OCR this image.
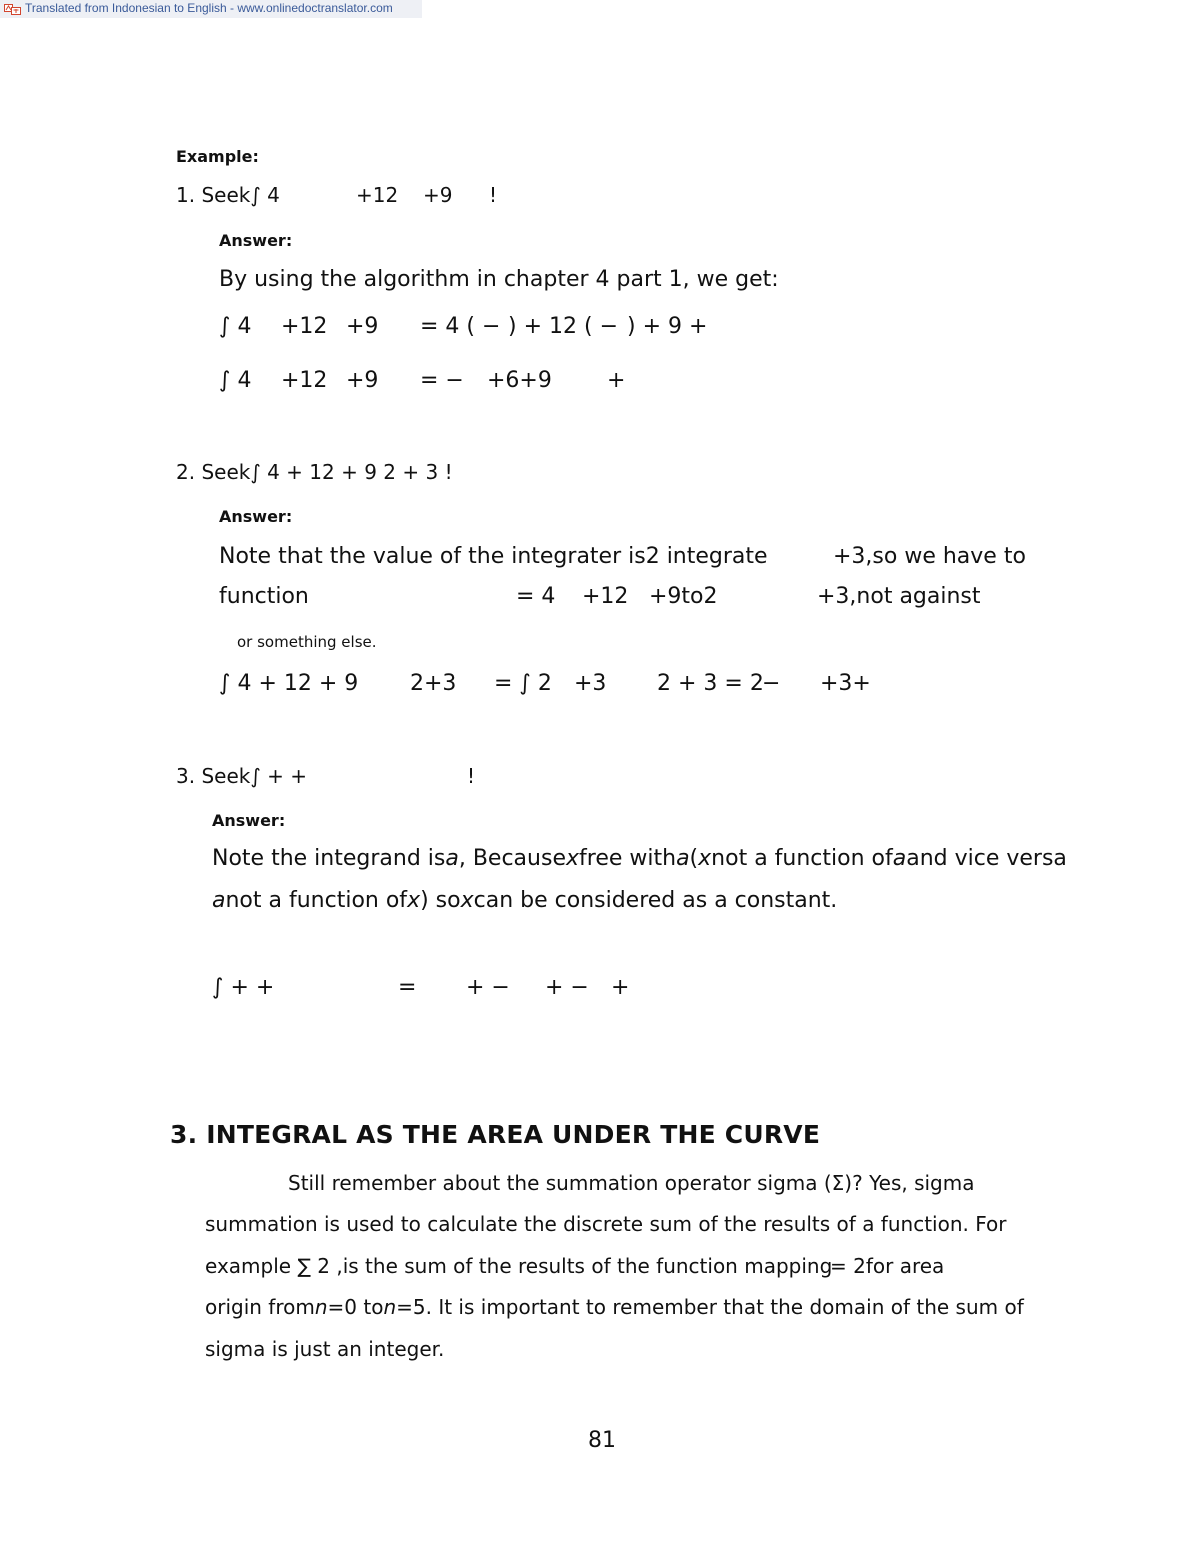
Translated from Indonesian to English - www.onlinedoctranslator.com
Example:
1. Seek∫ 4	+12 +9 !
Answer:
By using the algorithm in chapter 4 part 1, we get:
∫ 4 +12 +9 = 4 ( − ) + 12 ( − ) + 9 +
∫ 4 +12 +9 = − +6+9	+
2. Seek∫ 4 + 12 + 9 2 + 3 !
Answer:
Note that the value of the integrater is2 integrate	+3,so we have to
function	= 4 +12 +9to2	+3,not against
or something else.
∫ 4 + 12 + 9 2+3 = ∫ 2 +3 2 + 3 = 2
− +3+
3. Seek∫ + +	!
Answer:
Note the integrand isa, Becausexfree witha(xnot a function ofaand vice versa
anot a function ofx) soxcan be considered as a constant.
∫ + +	= + − + − +
3. INTEGRAL AS THE AREA UNDER THE CURVE
Still remember about the summation operator sigma (Σ)? Yes, sigma
summation is used to calculate the discrete sum of the results of a function. For
example ∑ 2 ,is the sum of the results of the function mapping
= 2for area
origin fromn=0 ton=5. It is important to remember that the domain of the sum of
sigma is just an integer.
81
